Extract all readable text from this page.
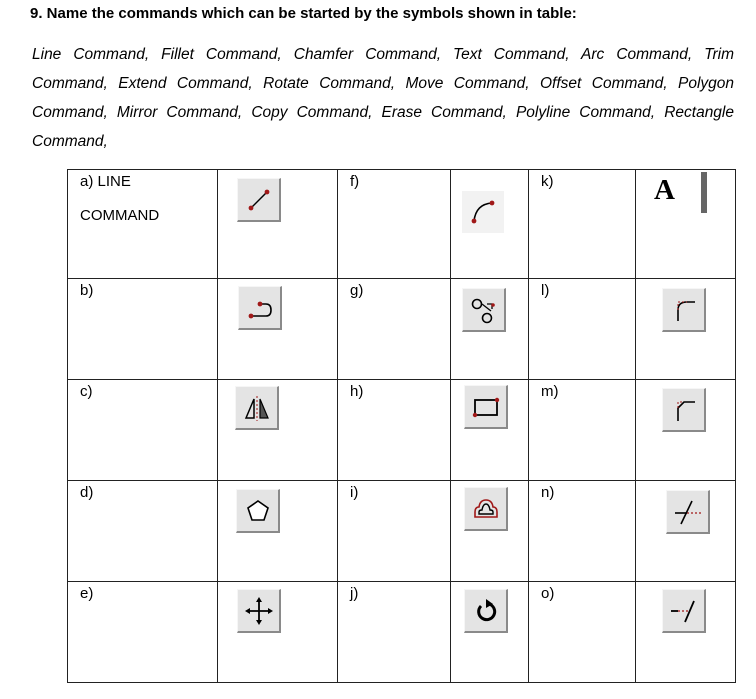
9. Name the commands which can be started by the symbols shown in table:
Line Command, Fillet Command, Chamfer Command, Text Command, Arc Command, Trim Command, Extend Command, Rotate Command, Move Command, Offset Command, Polygon Command, Mirror Command, Copy Command, Erase Command, Polyline Command, Rectangle Command,
a) LINE
COMMAND		f)		k)	A

b)		g)		l)	

c)		h)		m)	

d)		i)		n)	

e)		j)		o)	
